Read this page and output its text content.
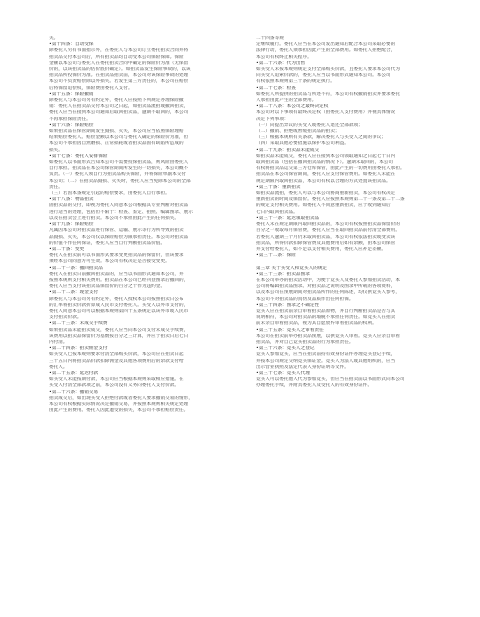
关。
•第十四条：自动受保
除委托人另有书面指示外，在委托人与本公司订立委托拍卖合同并将
拍卖品交付本公司后，所有拍卖品均自动受本公司保险保障。保险
金额以本公司与委托人在委托拍卖合同中确定的保险价为准（无保留
价的，以该拍卖品的估价底价确定）。如拍卖品发生保险事故的，以该
拍卖品所投保价为准。在拍卖品拍卖前，本公司对该保险事故的处理
本公司不负责赔偿除以外损失。若发生第三方责任的，本公司在赔偿
后将保留追偿权，保险费由委托人支付。
•第十五条：保险撤销
除委托人与本公司另有约定外，委托人应按照下列规定办理保险撤
销：委托人在拍卖品交付本公司之日起，如拍卖品流拍或撤回拍卖，
委托人应当在接到本公司通知后取回拍卖品，逾期不取回的，本公司
不再承担保险责任。
•第十六条：保险赔偿
如果拍卖品在保管期间发生毁损、灭失，本公司应当依照保险理赔
结果赔偿委托人。赔偿金额以本公司与委托人确定的保险价为准，但
本公司不承担因自然磨损、正常损耗或者拍卖品固有缺陷所造成的
损失。
•第十七条：委托人安排保险
如委托人以书面形式告知本公司不需要投保拍卖品，则风险由委托人
自行承担。拍卖品在本公司保管期间所发生的一切损失，本公司概不
负责。（一）委托人须自行为拍卖品购买保险，并将保险单副本交付
本公司；（二）在拍卖品毁损、灭失时，委托人应当免除本公司的全部
责任。
（三）若因本条规定引起的赔偿要求，由委托人自行承担。
•第十八条：物品拍卖
固拍卖品的交付，即视为委托人同意本公司根据其专业判断对拍卖品
进行适当的处理，包括但不限于：检查、鉴定、拍照、编辑图录、展示
以及在拍卖会上进行拍卖。本公司不承担由此产生的任何损失。
•第十九条：保险赔偿
凡属因本公司对拍卖品进行保管、运输、展示等行为所导致的拍卖
品毁损、灭失，本公司仅以保险赔偿为限承担责任。本公司对拍卖品
的价值不作任何保证，委托人应当自行判断拍卖品价值。
•第二十条：变更
委托人在拍卖前可以书面形式要求变更拍卖品的保留价，但该要求
须经本公司同意方可生效。本公司有权决定是否接受变更。
•第二十一条：撤回拍卖品
委托人在拍卖日前撤回拍卖品的，应当以书面形式通知本公司，并
按照本规则支付相关费用。拍卖品在本公司已经刊登图录后撤回的，
委托人应当支付该拍卖品保留价的百分之十作为违约金。
•第二十二条：现金支付
除委托人与本公司另有约定外，委托人授权本公司按照拍卖日公布
的汇率将拍卖价款折算成人民币支付委托人。买受人以外币支付的，
委托人同意本公司可以根据本规则第四十五条规定以该外币或人民币
支付拍卖价款。
•第二十三条：未成交手续费
如果拍卖品未能拍卖成交，委托人应当向本公司支付未成交手续费，
该费用以拍卖品保留价为基数按百分之三计算，并应于拍卖日后七日
内付清。
•第二十四条：拍卖佣金支付
如买受人已按本规则要求付清全部购买价款，本公司应在拍卖日起
三十五日内将拍卖品价款扣除佣金及其他各项费用后的余款支付给
委托人。
•第二十五条：延迟付款
如买受人未能按期付款，本公司应当根据本规则采取相应措施。在
买受人付清全部款项之前，本公司没有义务向委托人支付价款。
•第二十六条：撤销交易
拍卖成交后，如出现买受人拒绝付款或者委托人要求撤销交易的情形，
本公司有权根据实际情况决定撤销交易，并按照本规则相关规定处理
由此产生的费用。委托人因此遭受的损失，本公司不承担赔偿责任。
二十四条等规
定继续履行。委托人应当在本公司发出通知后配合本公司采取必要的
法律行动，委托人须承担因此产生的全部费用。如委托人拒绝配合，
本公司有权终止相关程序。
•第二十六条：代为出售
如买受人未按本规则规定支付全部购买价款，且委托人要求本公司代为
向买受人追索价款的，委托人应当以书面形式通知本公司。本公司
有权依照本规则第三十条的规定执行。
•第二十七条：检查
如委托人所提供的拍卖品与所述不符，本公司有权撤销拍卖并要求委托
人承担由此产生的全部费用。
•第二十八条：本公司之最终决定权
本公司对以下事项有最终决定权（由委托人支付费用）并视具体情况
决定下列事项：
（一）向提出异议的买受人或委托人退还全部款项；
（二）撤销、拒绝或暂缓拍卖品的拍卖；
（三）根据本规则有关条款，解决委托人与买受人之间的争议；
（四）采取其他必要措施以保护本公司利益。
•第二十九条：拍卖品未能成交
如拍卖品未能成交，委托人应在接到本公司领取通知之日起七十日内
取回拍卖品（包括在撤回拍卖品的情况下）。逾期未取回的，本公司
有权将拍卖品运交第三方仓库保管，由此产生的一切费用由委托人承担。
拍卖品在本公司保管期间，委托人应支付保管费用。如委托人未能在
规定期限内取回拍卖品，本公司有权以合理的方式处置该拍卖品。
•第三十条：重新拍卖
如拍卖品流拍，委托人可以与本公司协商重新拍卖，本公司有权决定
重新拍卖的时间及保留价。委托人应按照本规则第二十一条及第二十二条
的规定支付相关费用。如委托人不同意重新拍卖，应于收到通知后
七日内取回拍卖品。
•第三十一条：延迟领取拍卖品
委托人未在规定期限内取回拍卖品的，本公司有权按照拍卖品保留价的
百分之一收取每月保管费，委托人应当在取回拍卖品前付清全部费用。
若委托人逾期三个月仍未取回拍卖品，本公司有权依法拍卖或变卖该
拍卖品，所得价款扣除保管费及其他费用后如有余额，由本公司保管
并支付给委托人，如不足以支付相关费用，委托人应补足差额。
•第三十二条：保险

第三章 关于买受人和竞买人的规定
•第三十三条：拍卖品图录
在本公司举办的拍卖活动中，为便于竞买人及委托人参加拍卖活动，本
公司将编辑拍卖品图录。对拍卖品之说明及图录中所载的各项资料，
以及本公司在预展期间对拍卖品所作的任何陈述，均仅供竞买人参考，
本公司不对拍卖品的真伪及品质作出任何担保。
•第三十四条：图录之不确定性
竞买人应在拍卖前亲自审看拍卖品原物，并自行判断拍卖品是否与其
说明相符，本公司对拍卖品的瑕疵不承担任何责任。如竞买人在拍卖
前未亲自审看拍卖品，视为其自愿放弃审看拍卖品的权利。
•第三十五条：竞买人之审看责任
本公司在拍卖前举办拍卖品预展，以供竞买人审看。竞买人应亲自审看
拍卖品，并对自己竞买拍卖品的行为承担责任。
•第三十六条：竞买人之登记
竞买人参加竞买，应当在拍卖前持有效身份证件办理竞买登记手续，
并按本公司规定交纳竞买保证金。竞买人为法人或其他组织的，应当
出示营业执照及法定代表人身份证明等文件。
•第三十七条：竞买人代理
竞买人可以委托他人代为参加竞买，但应当在拍卖前以书面形式向本公司
办理委托手续，并附具委托人及受托人的有效身份证件。
